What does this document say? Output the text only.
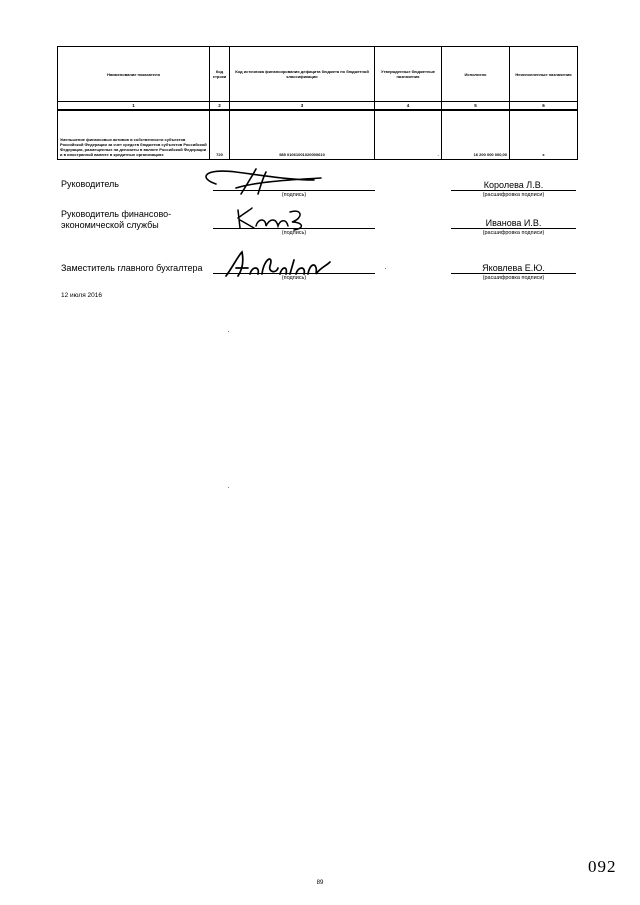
Наименование показателя	Код строки	Код источника финансирования дефицита бюджета по бюджетной классификации	Утвержденные бюджетные назначения	Исполнено	Неисполненные назначения
1	2	3	4	5	6
Уменьшение финансовых активов в собственности субъектов Российской Федерации за счет средств бюджетов субъектов Российской Федерации, размещенных на депозиты в валюте Российской Федерации и в иностранной валюте в кредитных организациях	720	985 01061001020000610	-	16 200 000 000,00	x
Руководитель
(подпись)
Королева Л.В.
(расшифровка подписи)
Руководитель финансово-
экономической службы
(подпись)
Иванова И.В.
(расшифровка подписи)
Заместитель главного бухгалтера
(подпись)
Яковлева Е.Ю.
(расшифровка подписи)
12 июля 2016
092
89
